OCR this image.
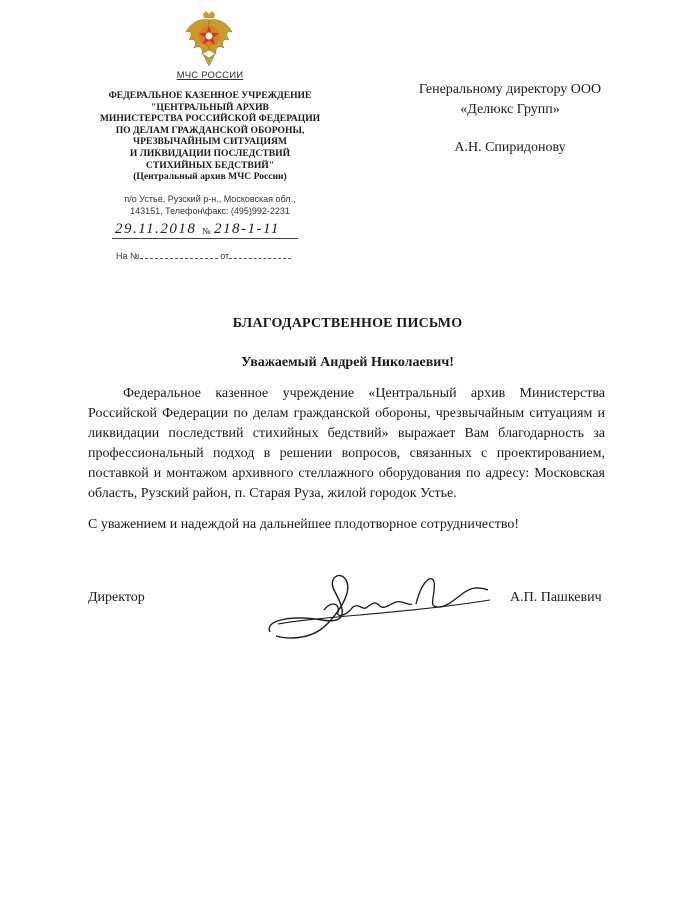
МЧС РОССИИ
ФЕДЕРАЛЬНОЕ КАЗЕННОЕ УЧРЕЖДЕНИЕ
"ЦЕНТРАЛЬНЫЙ АРХИВ
МИНИСТЕРСТВА РОССИЙСКОЙ ФЕДЕРАЦИИ
ПО ДЕЛАМ ГРАЖДАНСКОЙ ОБОРОНЫ,
ЧРЕЗВЫЧАЙНЫМ СИТУАЦИЯМ
И ЛИКВИДАЦИИ ПОСЛЕДСТВИЙ
СТИХИЙНЫХ БЕДСТВИЙ"
(Центральный архив МЧС России)
п/о Устье, Рузский р-н., Московская обл.,
143151, Телефон\факс: (495)992-2231
29.11.2018 № 218-1-11
На №	от
Генеральному директору ООО
«Делюкс Групп»
А.Н. Спиридонову
БЛАГОДАРСТВЕННОЕ ПИСЬМО
Уважаемый Андрей Николаевич!

Федеральное казенное учреждение «Центральный архив Министерства Российской Федерации по делам гражданской обороны, чрезвычайным ситуациям и ликвидации последствий стихийных бедствий» выражает Вам благодарность за профессиональный подход в решении вопросов, связанных с проектированием, поставкой и монтажом архивного стеллажного оборудования по адресу: Московская область, Рузский район, п. Старая Руза, жилой городок Устье.

С уважением и надеждой на дальнейшее плодотворное сотрудничество!
Директор	А.П. Пашкевич
